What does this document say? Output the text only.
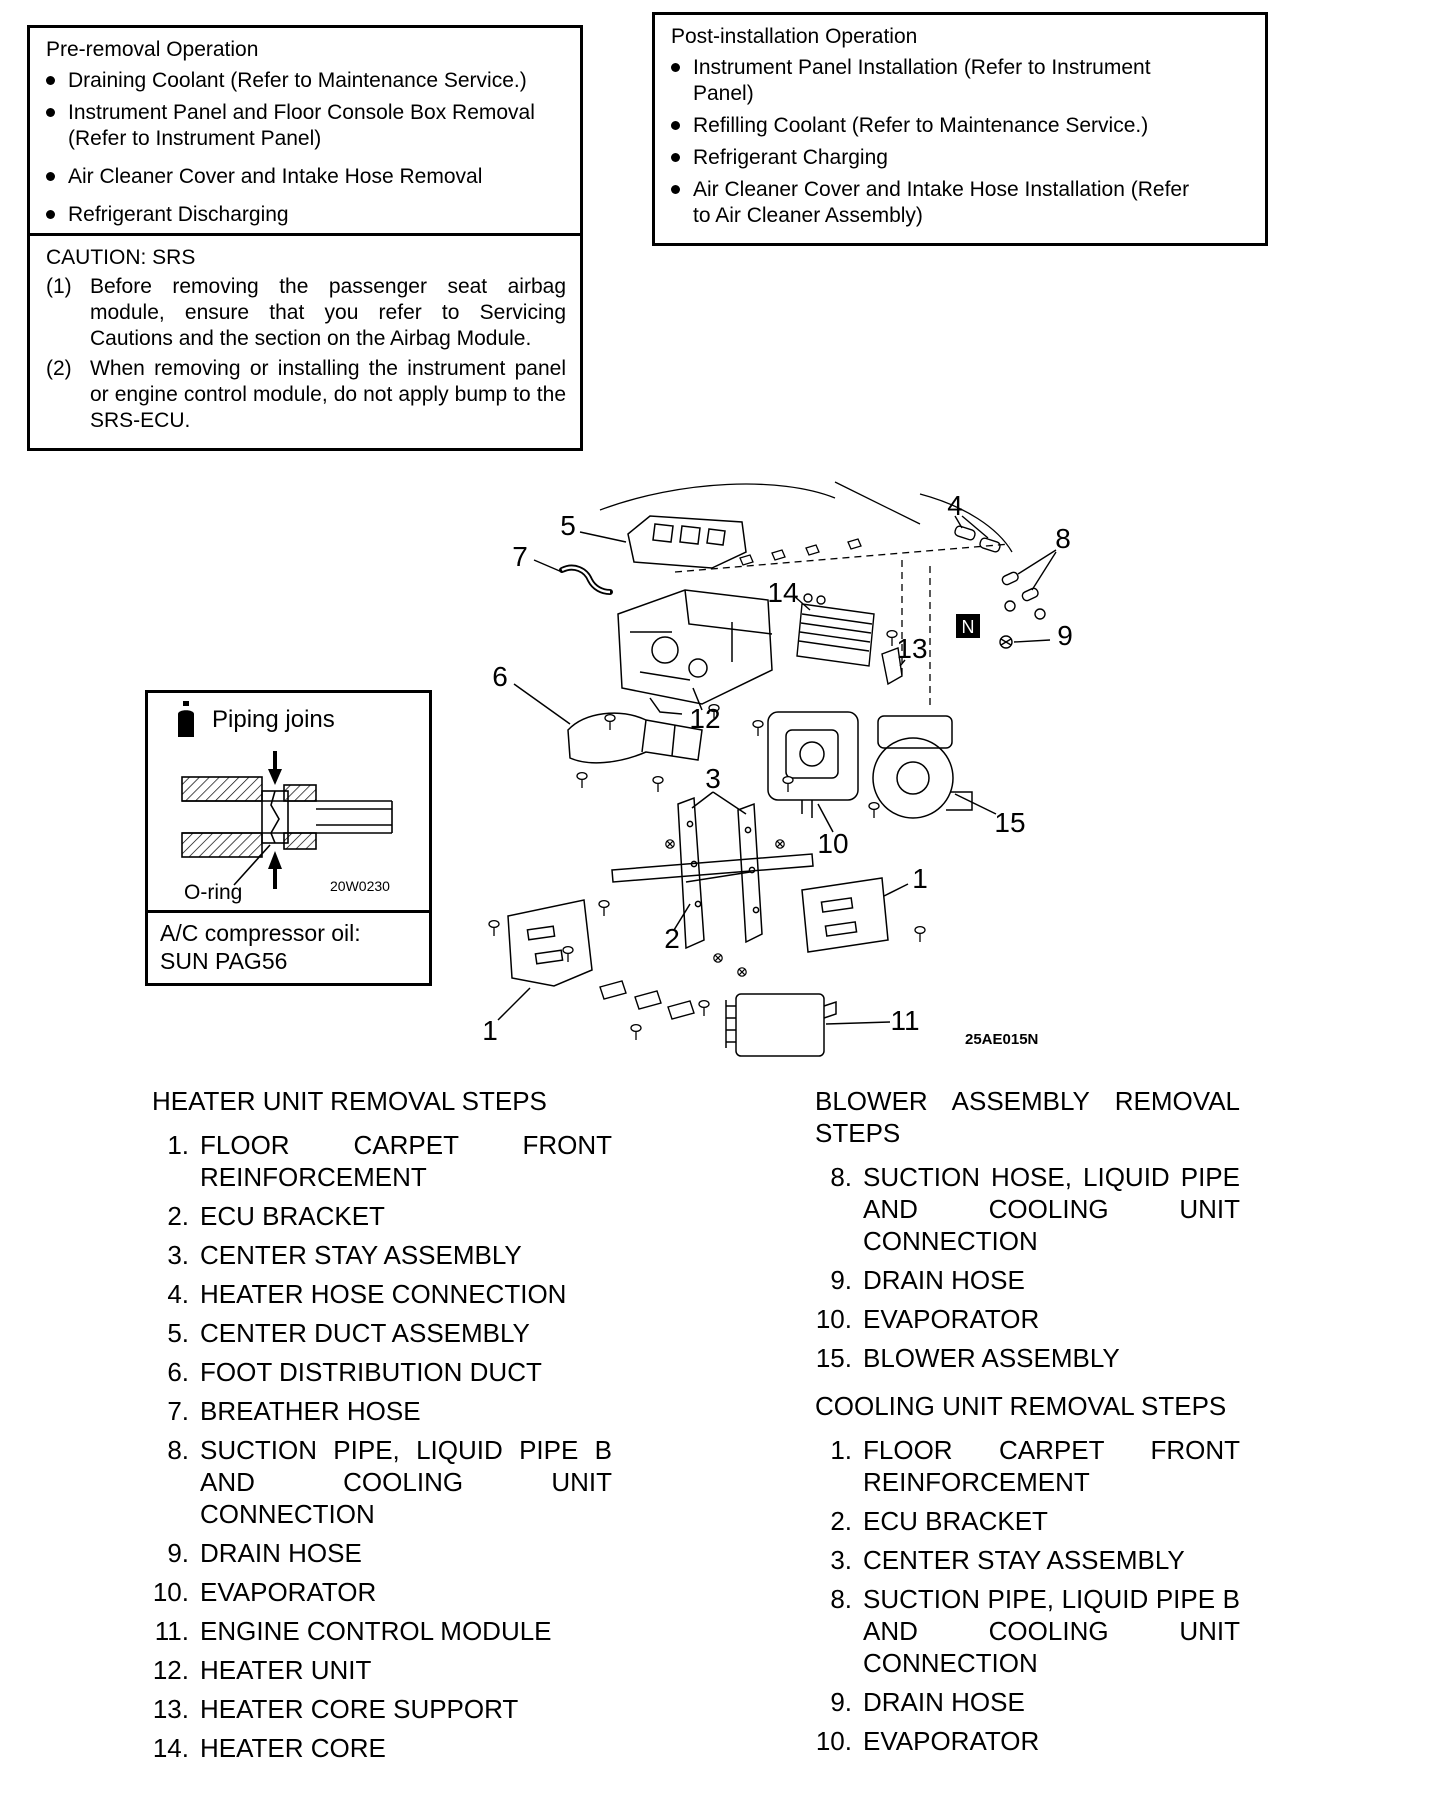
Pre-removal Operation
Draining Coolant (Refer to Maintenance Service.)
Instrument Panel and Floor Console Box Removal (Refer to Instrument Panel)
Air Cleaner Cover and Intake Hose Removal
Refrigerant Discharging
Post-installation Operation
Instrument Panel Installation (Refer to Instrument Panel)
Refilling Coolant (Refer to Maintenance Service.)
Refrigerant Charging
Air Cleaner Cover and Intake Hose Installation (Refer to Air Cleaner Assembly)
CAUTION: SRS
(1) Before removing the passenger seat airbag module, ensure that you refer to Servicing Cautions and the section on the Airbag Module.
(2) When removing or installing the instrument panel or engine control module, do not apply bump to the SRS-ECU.
Piping joins
O-ring	20W0230
A/C compressor oil:
SUN PAG56
N
5
7
4
8
14
13	9
6
12
3
10
15
2
1
1	11
25AE015N
HEATER UNIT REMOVAL STEPS
1. FLOOR CARPET FRONT REINFORCEMENT
2. ECU BRACKET
3. CENTER STAY ASSEMBLY
4. HEATER HOSE CONNECTION
5. CENTER DUCT ASSEMBLY
6. FOOT DISTRIBUTION DUCT
7. BREATHER HOSE
8. SUCTION PIPE, LIQUID PIPE B AND COOLING UNIT CONNECTION
9. DRAIN HOSE
10. EVAPORATOR
11. ENGINE CONTROL MODULE
12. HEATER UNIT
13. HEATER CORE SUPPORT
14. HEATER CORE
BLOWER ASSEMBLY REMOVAL STEPS
8. SUCTION HOSE, LIQUID PIPE AND COOLING UNIT CONNECTION
9. DRAIN HOSE
10. EVAPORATOR
15. BLOWER ASSEMBLY
COOLING UNIT REMOVAL STEPS
1. FLOOR CARPET FRONT REINFORCEMENT
2. ECU BRACKET
3. CENTER STAY ASSEMBLY
8. SUCTION PIPE, LIQUID PIPE B AND COOLING UNIT CONNECTION
9. DRAIN HOSE
10. EVAPORATOR
